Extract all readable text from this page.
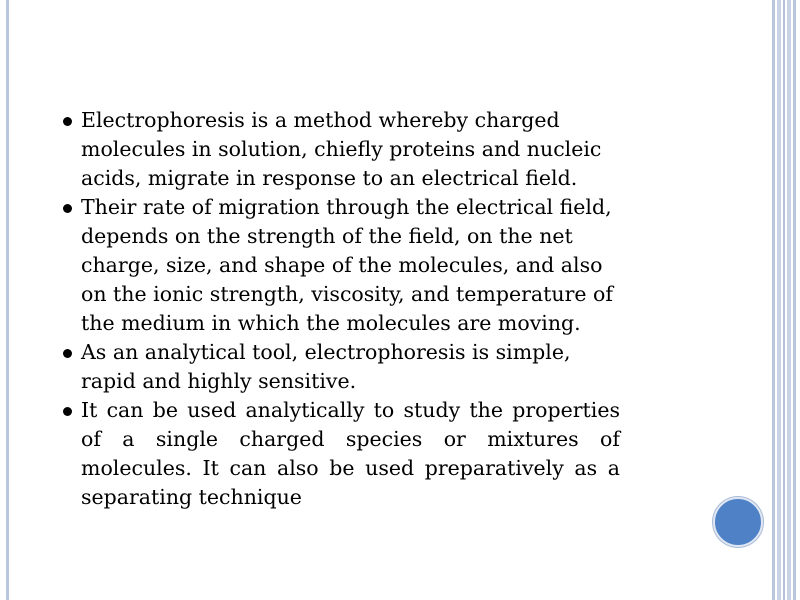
Electrophoresis is a method whereby charged molecules in solution, chiefly proteins and nucleic acids, migrate in response to an electrical field.
Their rate of migration through the electrical field, depends on the strength of the field, on the net charge, size, and shape of the molecules, and also on the ionic strength, viscosity, and temperature of the medium in which the molecules are moving.
As an analytical tool, electrophoresis is simple, rapid and highly sensitive.
It can be used analytically to study the properties of a single charged species or mixtures of molecules. It can also be used preparatively as a separating technique
